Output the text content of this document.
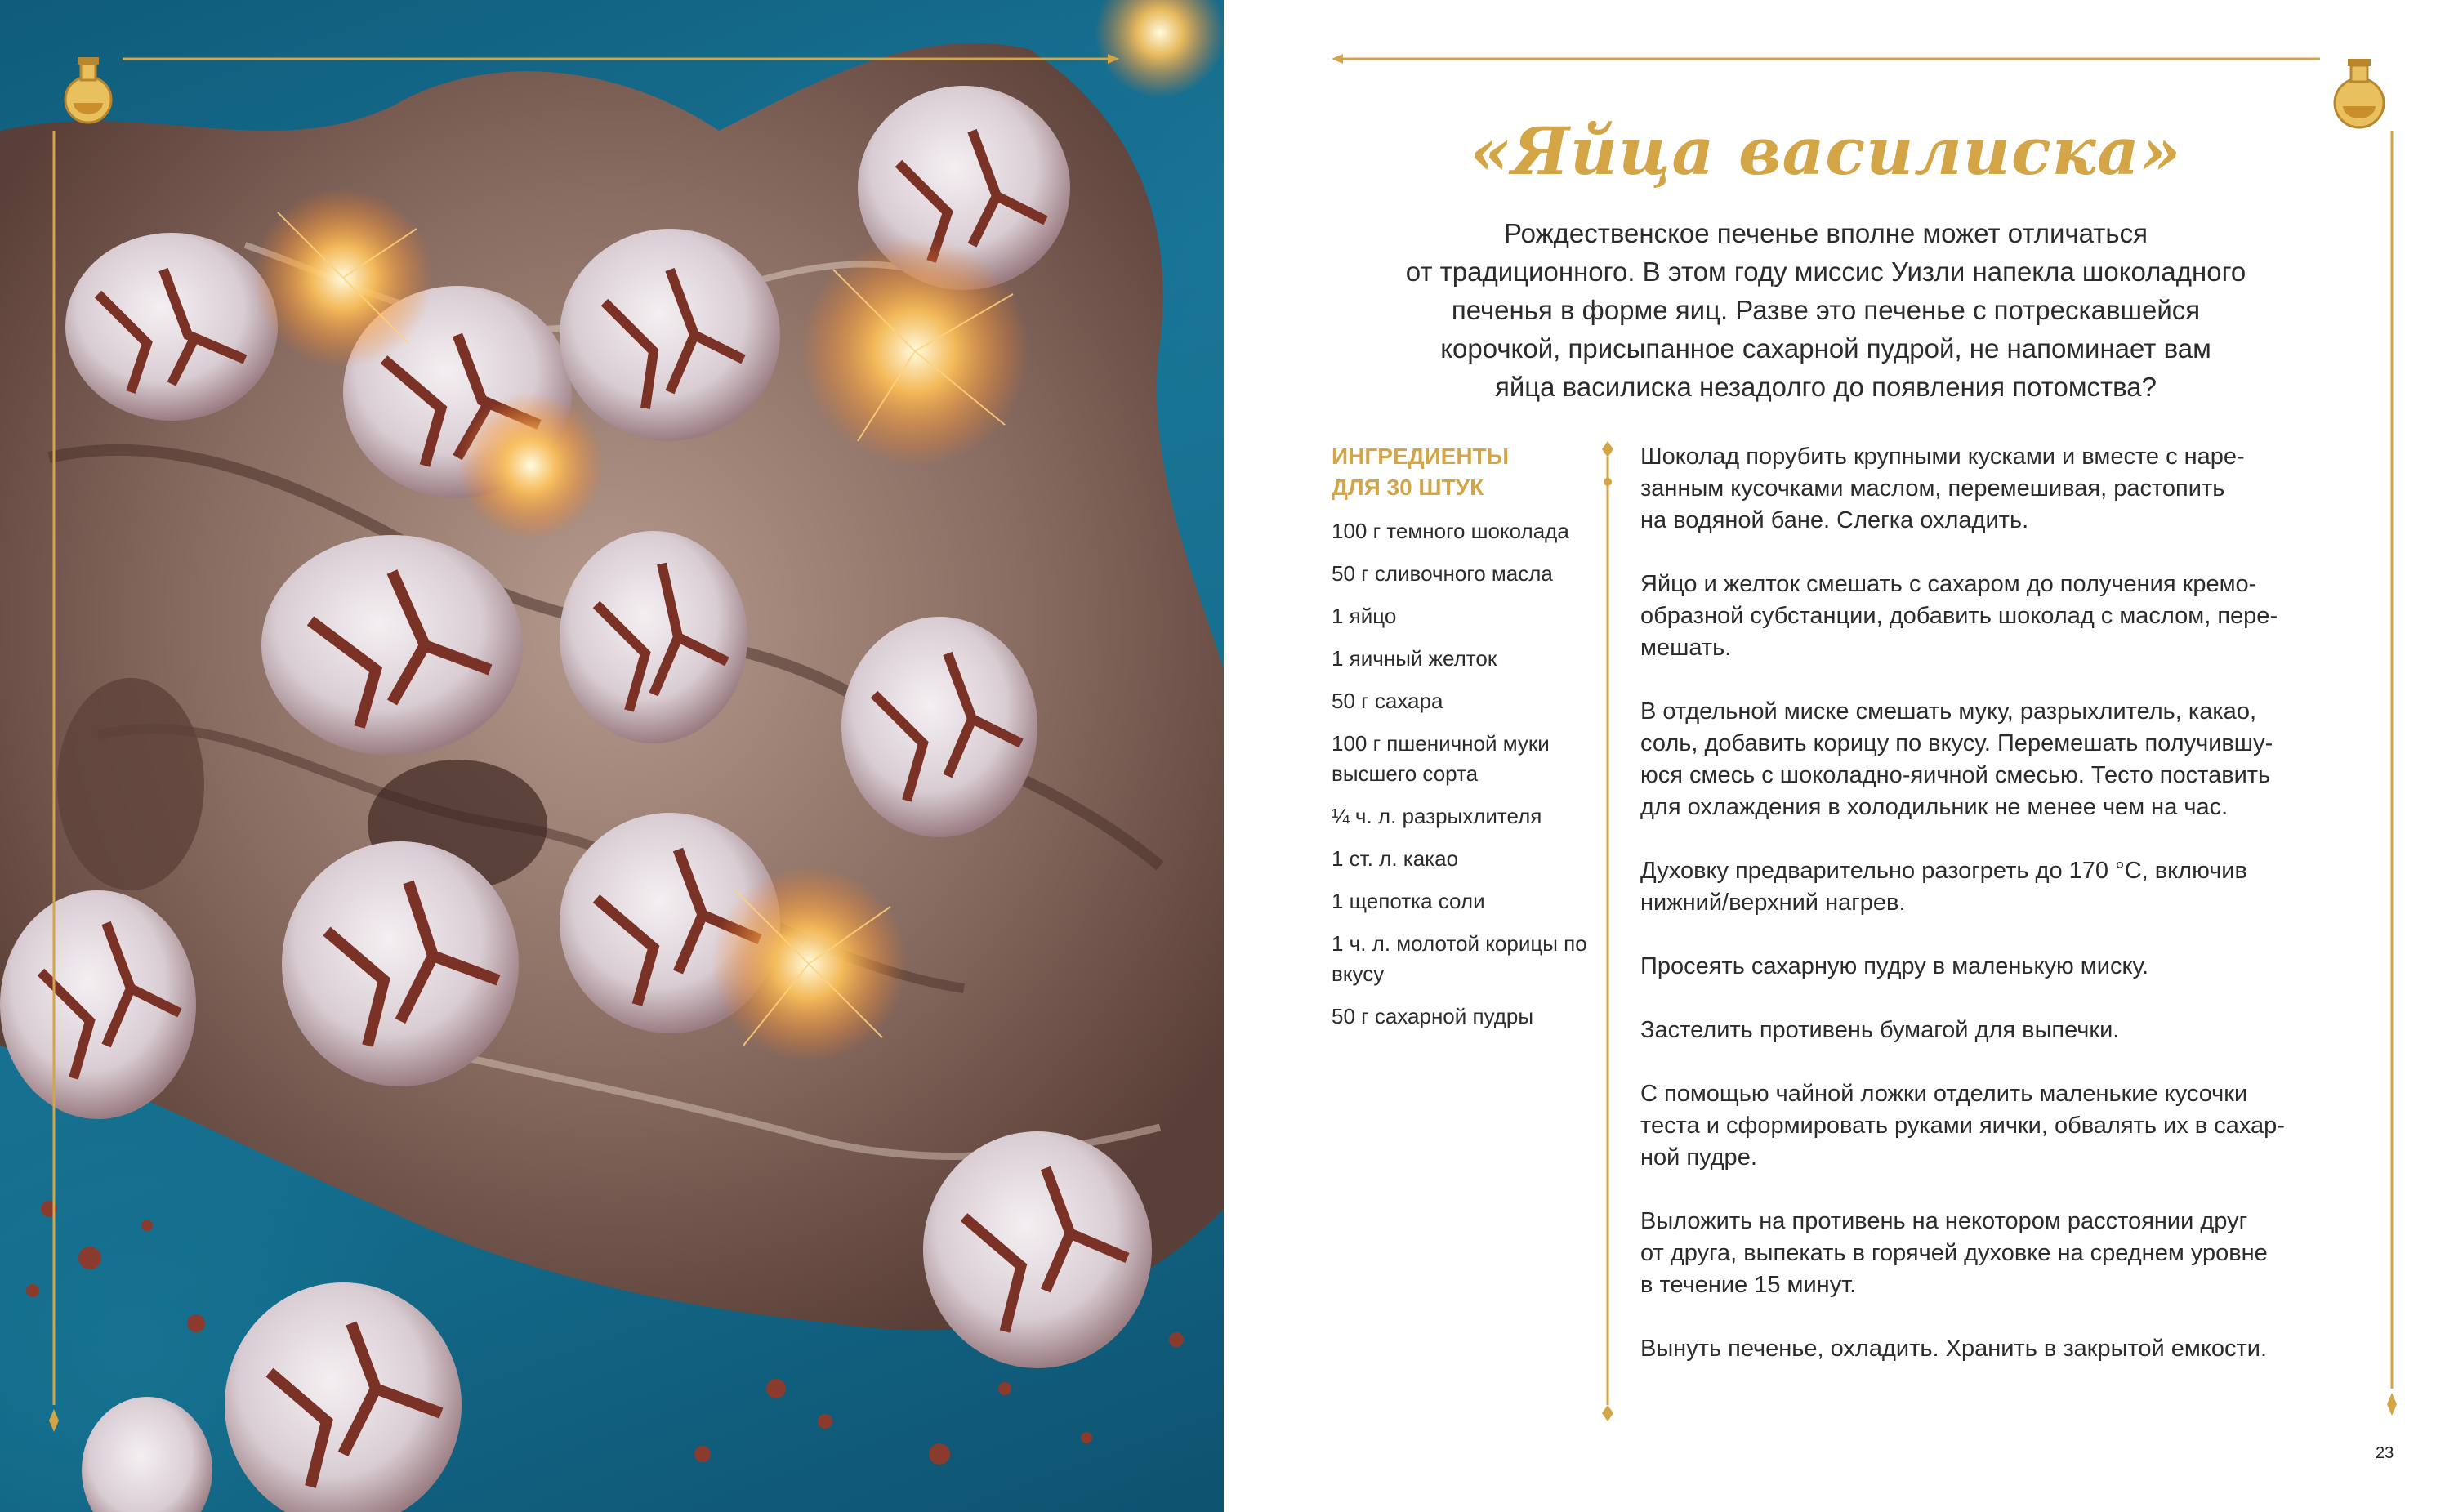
«Яйца василиска»
Рождественское печенье вполне может отличаться
от традиционного. В этом году миссис Уизли напекла шоколадного
печенья в форме яиц. Разве это печенье с потрескавшейся
корочкой, присыпанное сахарной пудрой, не напоминает вам
яйца василиска незадолго до появления потомства?
ИНГРЕДИЕНТЫ
ДЛЯ 30 ШТУК
100 г темного шоколада
50 г сливочного масла
1 яйцо
1 яичный желток
50 г сахара
100 г пшеничной муки высшего сорта
¼ ч. л. разрыхлителя
1 ст. л. какао
1 щепотка соли
1 ч. л. молотой корицы по вкусу
50 г сахарной пудры

Шоколад порубить крупными кусками и вместе с наре-
занным кусочками маслом, перемешивая, растопить
на водяной бане. Слегка охладить.

Яйцо и желток смешать с сахаром до получения кремо-
образной субстанции, добавить шоколад с маслом, пере-
мешать.

В отдельной миске смешать муку, разрыхлитель, какао,
соль, добавить корицу по вкусу. Перемешать получившу-
юся смесь с шоколадно-яичной смесью. Тесто поставить
для охлаждения в холодильник не менее чем на час.

Духовку предварительно разогреть до 170 °C, включив
нижний/верхний нагрев.

Просеять сахарную пудру в маленькую миску.

Застелить противень бумагой для выпечки.

С помощью чайной ложки отделить маленькие кусочки
теста и сформировать руками яички, обвалять их в сахар-
ной пудре.

Выложить на противень на некотором расстоянии друг
от друга, выпекать в горячей духовке на среднем уровне
в течение 15 минут.

Вынуть печенье, охладить. Хранить в закрытой емкости.

23
